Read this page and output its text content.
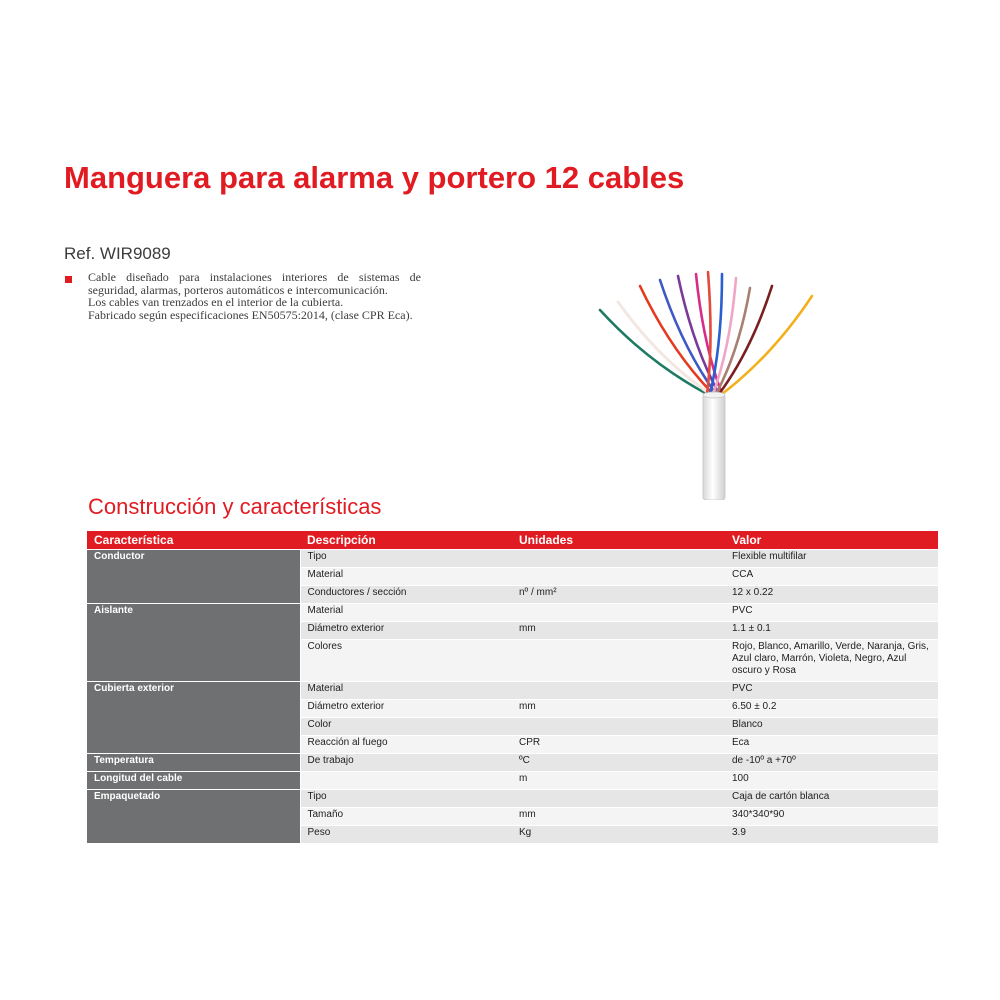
Manguera para alarma y portero 12 cables
Ref. WIR9089

Cable diseñado para instalaciones interiores de sistemas de seguridad, alarmas, porteros automáticos e intercomunicación.

Los cables van trenzados en el interior de la cubierta.

Fabricado según especificaciones EN50575:2014, (clase CPR Eca).

Construcción y características
Característica	Descripción	Unidades	Valor
Conductor	Tipo		Flexible multifilar
	Material		CCA
	Conductores / sección	nº / mm²	12 x 0.22
Aislante	Material		PVC
	Diámetro exterior	mm	1.1 ± 0.1
	Colores		Rojo, Blanco, Amarillo, Verde, Naranja, Gris, Azul claro, Marrón, Violeta, Negro, Azul oscuro y Rosa
Cubierta exterior	Material		PVC
	Diámetro exterior	mm	6.50 ± 0.2
	Color		Blanco
	Reacción al fuego	CPR	Eca
Temperatura	De trabajo	ºC	de -10º a +70º
Longitud del cable		m	100
Empaquetado	Tipo		Caja de cartón blanca
	Tamaño	mm	340*340*90
	Peso	Kg	3.9
